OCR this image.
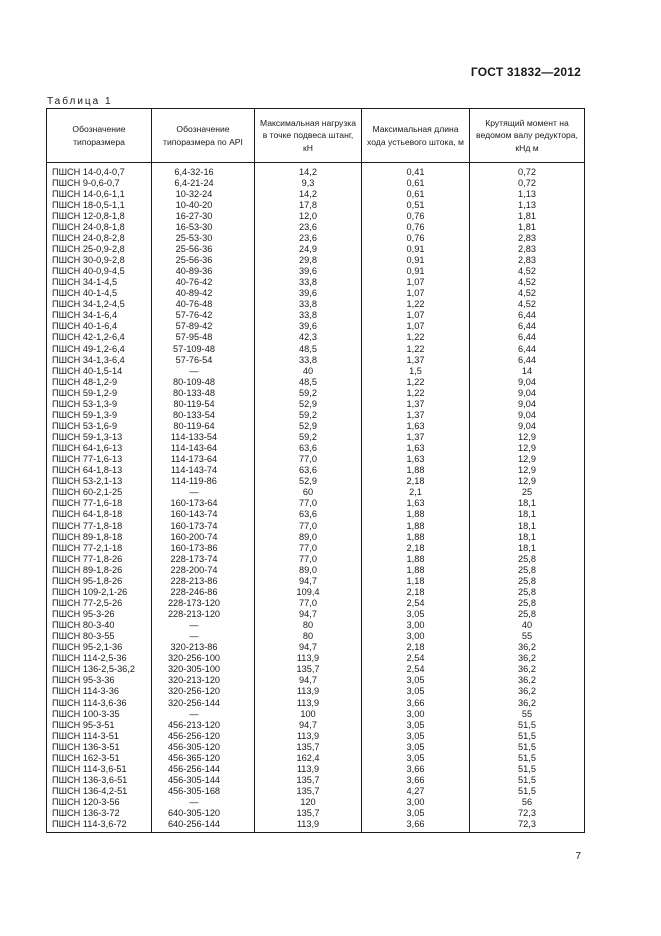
ГОСТ 31832—2012
Таблица 1
Обозначение типоразмера	Обозначение типоразмера по API	Максимальная нагрузка в точке подвеса штанг, кН	Максимальная длина хода устьевого штока, м	Крутящий момент на ведомом валу редуктора, кНд м
ПШСН 14-0,4-0,7	6,4-32-16	14,2	0,41	0,72
ПШСН 9-0,6-0,7	6,4-21-24	9,3	0,61	0,72
ПШСН 14-0,6-1,1	10-32-24	14,2	0,61	1,13
ПШСН 18-0,5-1,1	10-40-20	17,8	0,51	1,13
ПШСН 12-0,8-1,8	16-27-30	12,0	0,76	1,81
ПШСН 24-0,8-1,8	16-53-30	23,6	0,76	1,81
ПШСН 24-0,8-2,8	25-53-30	23,6	0,76	2,83
ПШСН 25-0,9-2,8	25-56-36	24,9	0,91	2,83
ПШСН 30-0,9-2,8	25-56-36	29,8	0,91	2,83
ПШСН 40-0,9-4,5	40-89-36	39,6	0,91	4,52
ПШСН 34-1-4,5	40-76-42	33,8	1,07	4,52
ПШСН 40-1-4,5	40-89-42	39,6	1,07	4,52
ПШСН 34-1,2-4,5	40-76-48	33,8	1,22	4,52
ПШСН 34-1-6,4	57-76-42	33,8	1,07	6,44
ПШСН 40-1-6,4	57-89-42	39,6	1,07	6,44
ПШСН 42-1,2-6,4	57-95-48	42,3	1,22	6,44
ПШСН 49-1,2-6,4	57-109-48	48,5	1,22	6,44
ПШСН 34-1,3-6,4	57-76-54	33,8	1,37	6,44
ПШСН 40-1,5-14	—	40	1,5	14
ПШСН 48-1,2-9	80-109-48	48,5	1,22	9,04
ПШСН 59-1,2-9	80-133-48	59,2	1,22	9,04
ПШСН 53-1,3-9	80-119-54	52,9	1,37	9,04
ПШСН 59-1,3-9	80-133-54	59,2	1,37	9,04
ПШСН 53-1,6-9	80-119-64	52,9	1,63	9,04
ПШСН 59-1,3-13	114-133-54	59,2	1,37	12,9
ПШСН 64-1,6-13	114-143-64	63,6	1,63	12,9
ПШСН 77-1,6-13	114-173-64	77,0	1,63	12,9
ПШСН 64-1,8-13	114-143-74	63,6	1,88	12,9
ПШСН 53-2,1-13	114-119-86	52,9	2,18	12,9
ПШСН 60-2,1-25	—	60	2,1	25
ПШСН 77-1,6-18	160-173-64	77,0	1,63	18,1
ПШСН 64-1,8-18	160-143-74	63,6	1,88	18,1
ПШСН 77-1,8-18	160-173-74	77,0	1,88	18,1
ПШСН 89-1,8-18	160-200-74	89,0	1,88	18,1
ПШСН 77-2,1-18	160-173-86	77,0	2,18	18,1
ПШСН 77-1,8-26	228-173-74	77,0	1,88	25,8
ПШСН 89-1,8-26	228-200-74	89,0	1,88	25,8
ПШСН 95-1,8-26	228-213-86	94,7	1,18	25,8
ПШСН 109-2,1-26	228-246-86	109,4	2,18	25,8
ПШСН 77-2,5-26	228-173-120	77,0	2,54	25,8
ПШСН 95-3-26	228-213-120	94,7	3,05	25,8
ПШСН 80-3-40	—	80	3,00	40
ПШСН 80-3-55	—	80	3,00	55
ПШСН 95-2,1-36	320-213-86	94,7	2,18	36,2
ПШСН 114-2,5-36	320-256-100	113,9	2,54	36,2
ПШСН 136-2,5-36,2	320-305-100	135,7	2,54	36,2
ПШСН 95-3-36	320-213-120	94,7	3,05	36,2
ПШСН 114-3-36	320-256-120	113,9	3,05	36,2
ПШСН 114-3,6-36	320-256-144	113,9	3,66	36,2
ПШСН 100-3-35	—	100	3,00	55
ПШСН 95-3-51	456-213-120	94,7	3,05	51,5
ПШСН 114-3-51	456-256-120	113,9	3,05	51,5
ПШСН 136-3-51	456-305-120	135,7	3,05	51,5
ПШСН 162-3-51	456-365-120	162,4	3,05	51,5
ПШСН 114-3,6-51	456-256-144	113,9	3,66	51,5
ПШСН 136-3,6-51	456-305-144	135,7	3,66	51,5
ПШСН 136-4,2-51	456-305-168	135,7	4,27	51,5
ПШСН 120-3-56	—	120	3,00	56
ПШСН 136-3-72	640-305-120	135,7	3,05	72,3
ПШСН 114-3,6-72	640-256-144	113,9	3,66	72,3
7
